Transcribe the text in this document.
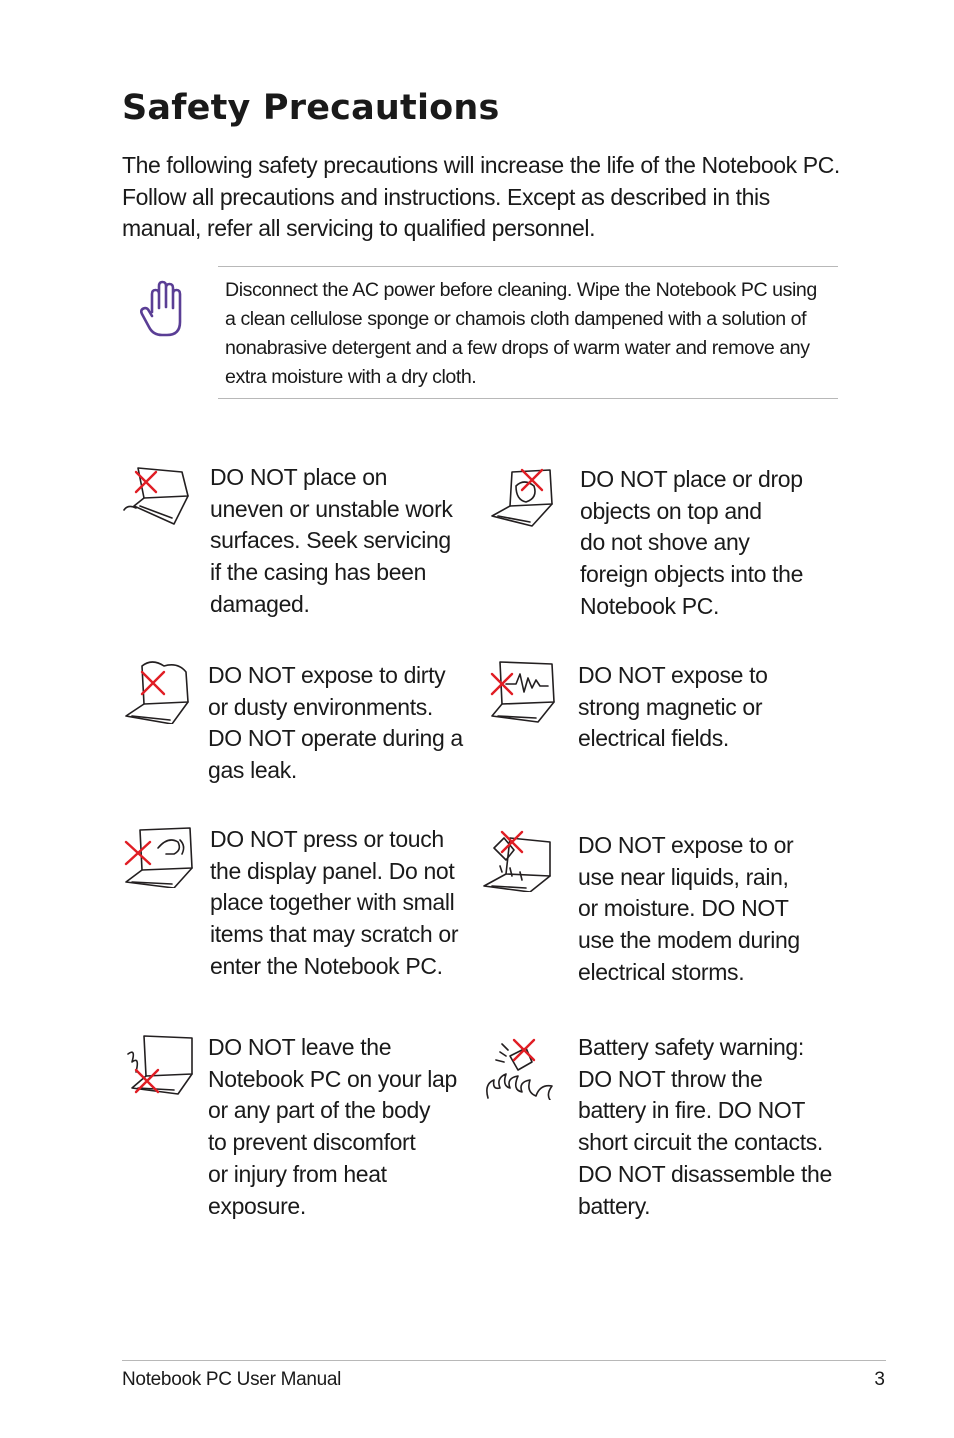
Safety Precautions

The following safety precautions will increase the life of the Notebook PC. Follow all precautions and instructions. Except as described in this manual, refer all servicing to qualified personnel.

Disconnect the AC power before cleaning. Wipe the Notebook PC using a clean cellulose sponge or chamois cloth dampened with a solution of nonabrasive detergent and a few drops of warm water and remove any extra moisture with a dry cloth.

DO NOT place on
uneven or unstable work
surfaces. Seek servicing
if the casing has been
damaged.

DO NOT place or drop
objects on top and
do not shove any
foreign objects into the
Notebook PC.

DO NOT expose to dirty
or dusty environments.
DO NOT operate during a
gas leak.

DO NOT expose to
strong magnetic or
electrical fields.

DO NOT press or touch
the display panel. Do not
place together with small
items that may scratch or
enter the Notebook PC.

DO NOT expose to or
use near liquids, rain,
or moisture. DO NOT
use the modem during
electrical storms.

DO NOT leave the
Notebook PC on your lap
or any part of the body
to prevent discomfort
or injury from heat
exposure.

Battery safety warning:
DO NOT throw the
battery in fire. DO NOT
short circuit the contacts.
DO NOT disassemble the
battery.

Notebook PC User Manual	3
